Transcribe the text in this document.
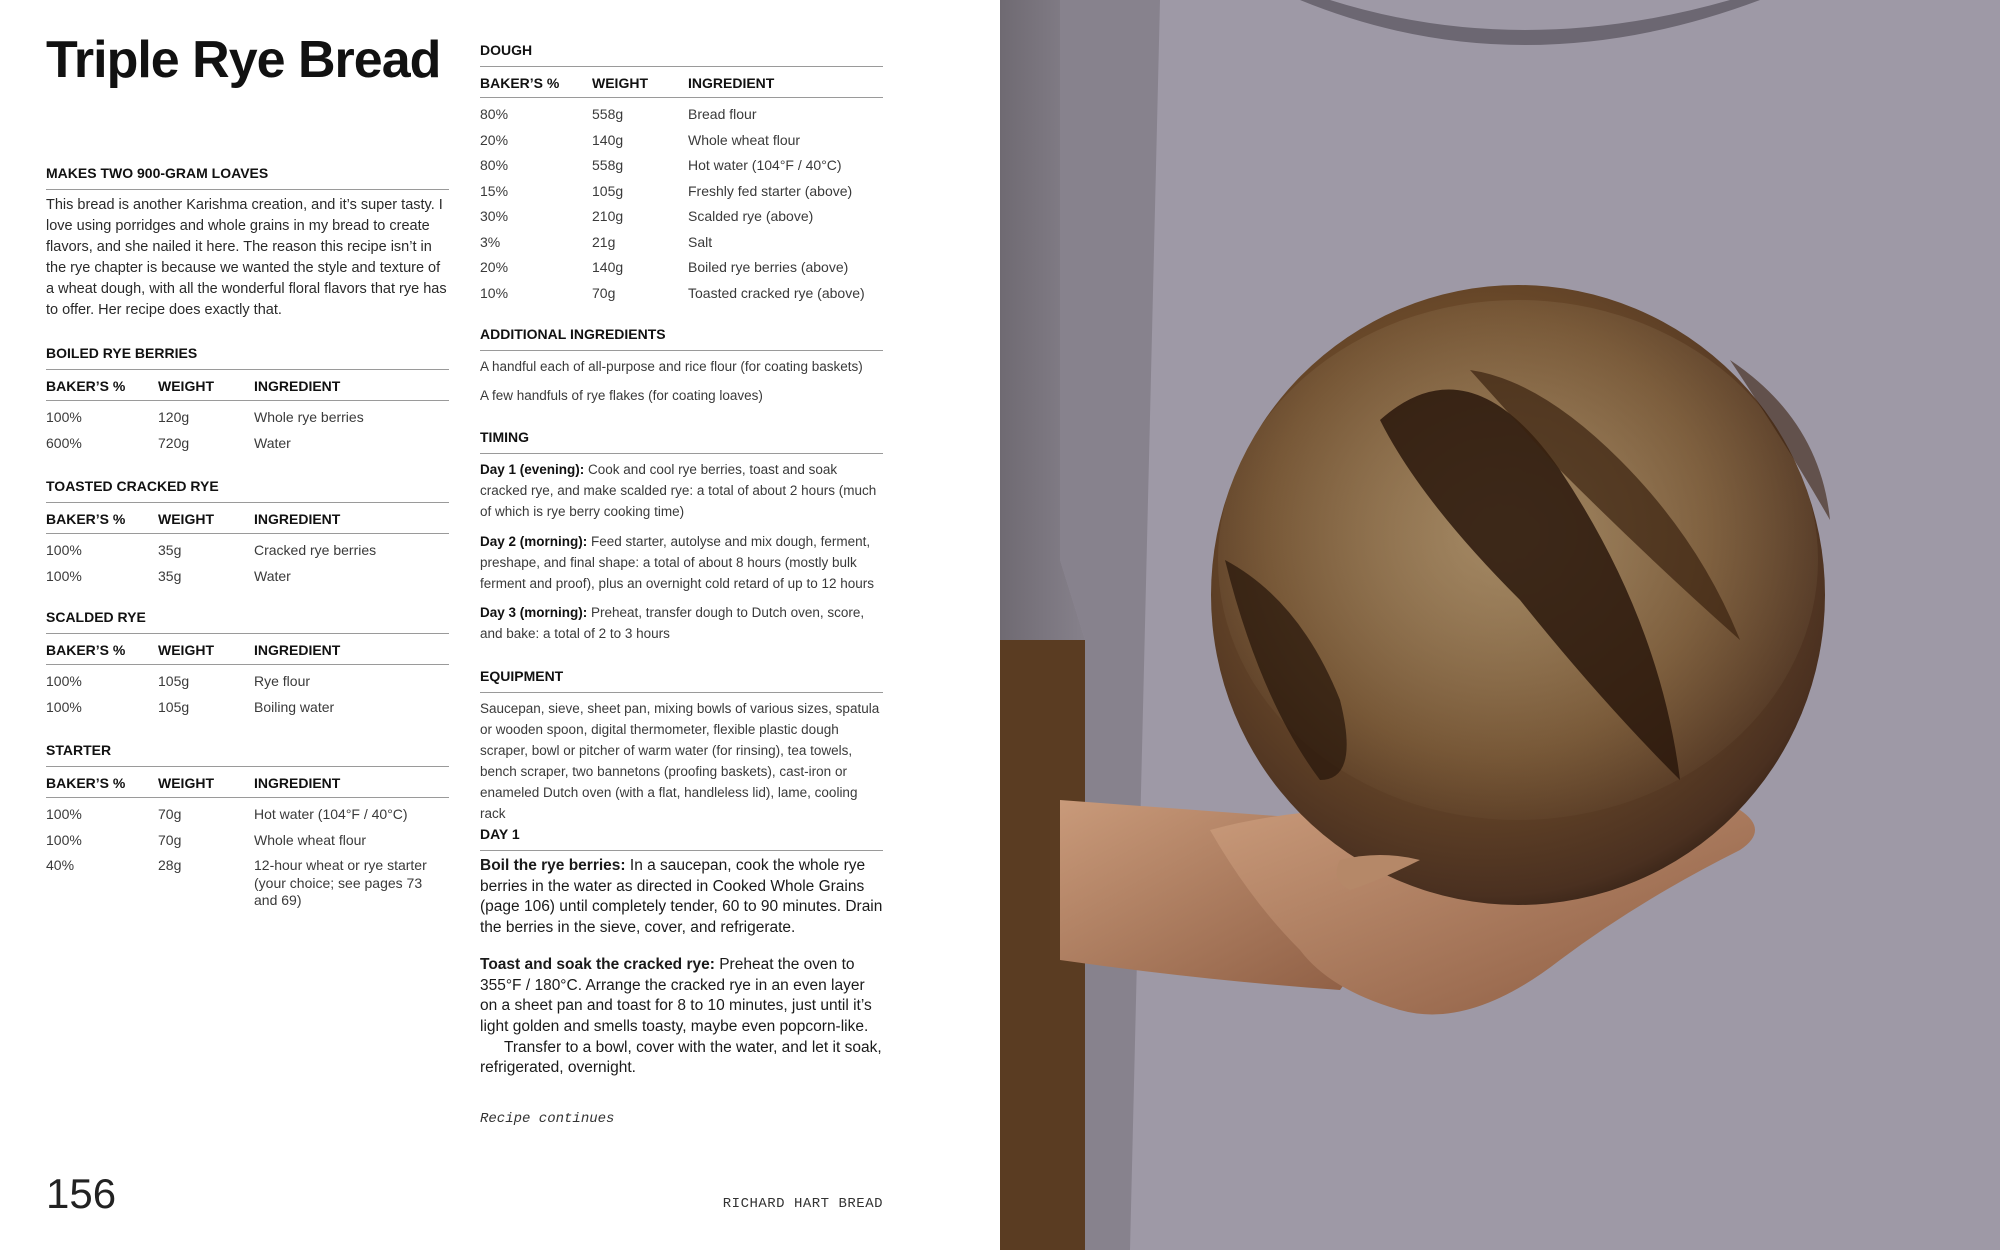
Triple Rye Bread
MAKES TWO 900-GRAM LOAVES
This bread is another Karishma creation, and it’s super tasty. I love using porridges and whole grains in my bread to create flavors, and she nailed it here. The reason this recipe isn’t in the rye chapter is because we wanted the style and texture of a wheat dough, with all the wonderful floral flavors that rye has to offer. Her recipe does exactly that.
BOILED RYE BERRIES
BAKER’S %	WEIGHT	INGREDIENT
100%	120g	Whole rye berries
600%	720g	Water
TOASTED CRACKED RYE
BAKER’S %	WEIGHT	INGREDIENT
100%	35g	Cracked rye berries
100%	35g	Water
SCALDED RYE
BAKER’S %	WEIGHT	INGREDIENT
100%	105g	Rye flour
100%	105g	Boiling water
STARTER
BAKER’S %	WEIGHT	INGREDIENT
100%	70g	Hot water (104°F / 40°C)
100%	70g	Whole wheat flour
40%	28g	12-hour wheat or rye starter (your choice; see pages 73 and 69)
DOUGH
BAKER’S %	WEIGHT	INGREDIENT
80%	558g	Bread flour
20%	140g	Whole wheat flour
80%	558g	Hot water (104°F / 40°C)
15%	105g	Freshly fed starter (above)
30%	210g	Scalded rye (above)
3%	21g	Salt
20%	140g	Boiled rye berries (above)
10%	70g	Toasted cracked rye (above)
ADDITIONAL INGREDIENTS

A handful each of all-purpose and rice flour (for coating baskets)

A few handfuls of rye flakes (for coating loaves)

TIMING

Day 1 (evening): Cook and cool rye berries, toast and soak cracked rye, and make scalded rye: a total of about 2 hours (much of which is rye berry cooking time)

Day 2 (morning): Feed starter, autolyse and mix dough, ferment, preshape, and final shape: a total of about 8 hours (mostly bulk ferment and proof), plus an overnight cold retard of up to 12 hours

Day 3 (morning): Preheat, transfer dough to Dutch oven, score, and bake: a total of 2 to 3 hours

EQUIPMENT

Saucepan, sieve, sheet pan, mixing bowls of various sizes, spatula or wooden spoon, digital thermometer, flexible plastic dough scraper, bowl or pitcher of warm water (for rinsing), tea towels, bench scraper, two bannetons (proofing baskets), cast-iron or enameled Dutch oven (with a flat, handleless lid), lame, cooling rack

DAY 1
Boil the rye berries: In a saucepan, cook the whole rye berries in the water as directed in Cooked Whole Grains (page 106) until completely tender, 60 to 90 minutes. Drain the berries in the sieve, cover, and refrigerate.
Toast and soak the cracked rye: Preheat the oven to 355°F / 180°C. Arrange the cracked rye in an even layer on a sheet pan and toast for 8 to 10 minutes, just until it’s light golden and smells toasty, maybe even popcorn-like.
Transfer to a bowl, cover with the water, and let it soak, refrigerated, overnight.
Recipe continues
156	RICHARD HART BREAD
